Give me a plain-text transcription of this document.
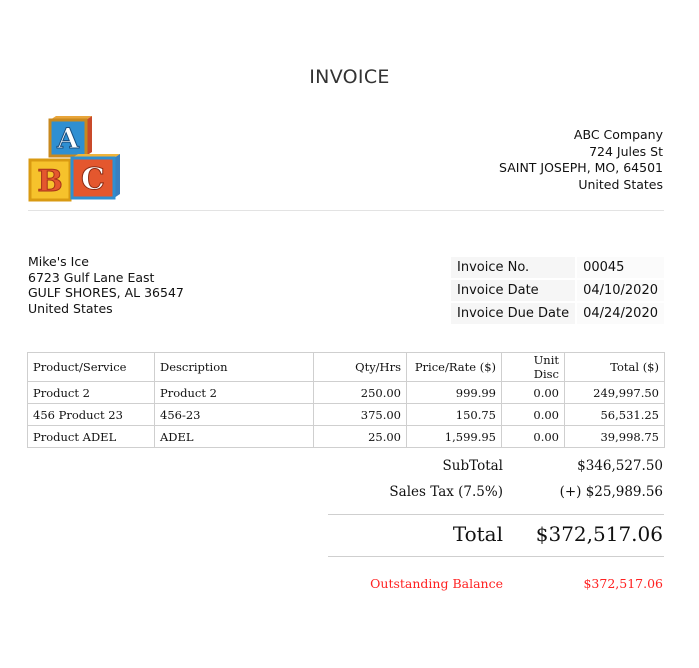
INVOICE
A
B C
ABC Company
724 Jules St
SAINT JOSEPH, MO, 64501
United States
Mike's Ice
6723 Gulf Lane East
GULF SHORES, AL 36547
United States
Invoice No.	00045
Invoice Date	04/10/2020
Invoice Due Date	04/24/2020
Product/Service	Description	Qty/Hrs	Price/Rate ($)	Unit Disc	Total ($)
Product 2	Product 2	250.00	999.99	0.00	249,997.50
456 Product 23	456-23	375.00	150.75	0.00	56,531.25
Product ADEL	ADEL	25.00	1,599.95	0.00	39,998.75
SubTotal	$346,527.50
Sales Tax (7.5%)	(+) $25,989.56
Total $372,517.06
Outstanding Balance	$372,517.06
